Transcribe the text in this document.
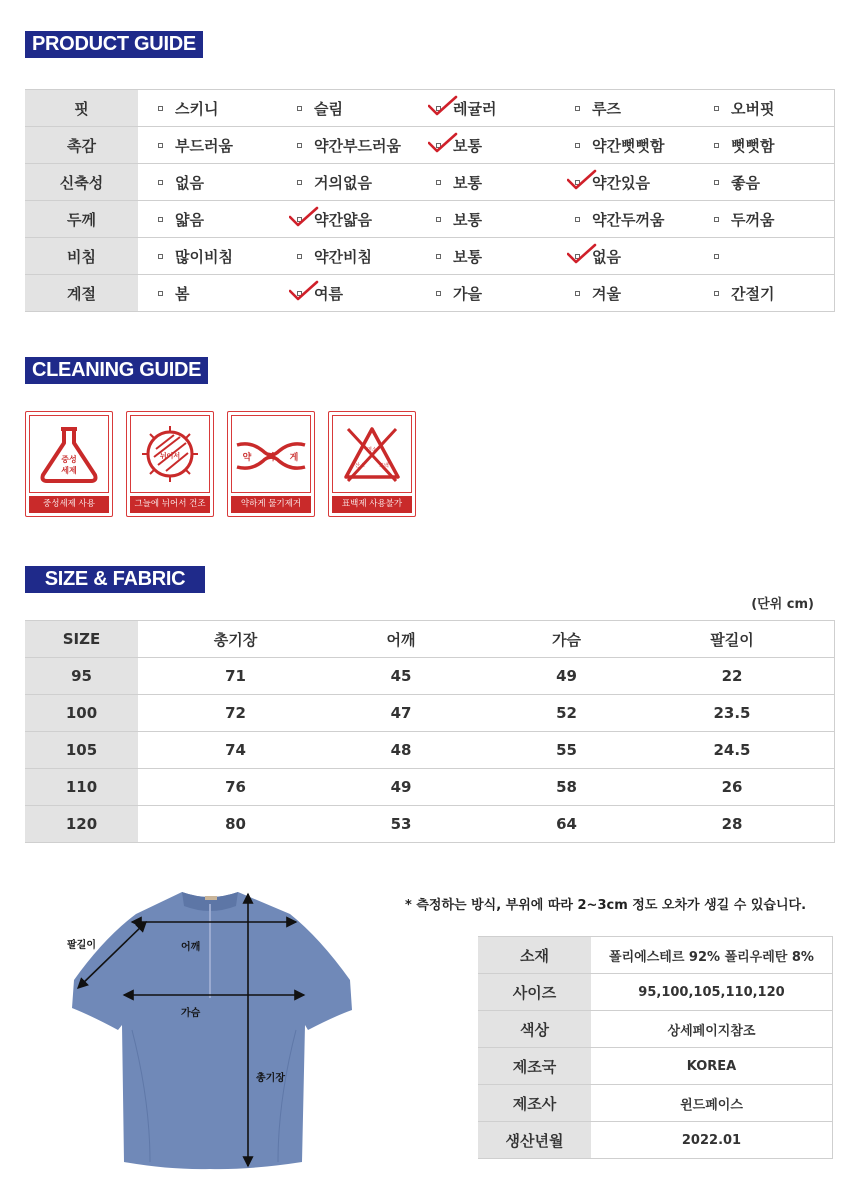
PRODUCT GUIDE
핏	스키니	슬림	레귤러	루즈	오버핏
촉감	부드러움	약간부드러움	보통	약간뻣뻣함	뻣뻣함
신축성	없음	거의없음	보통	약간있음	좋음
두께	얇음	약간얇음	보통	약간두꺼움	두꺼움
비침	많이비침	약간비침	보통	없음
계절	봄	여름	가을	겨울	간절기
CLEANING GUIDE
중성
세제
중성세제 사용
뉘어서
그늘에 뉘어서 건조
약 하 게
약하게 물기제거
염소
산소	표백
표백제 사용불가
SIZE & FABRIC
(단위 cm)
SIZE	총기장	어깨	가슴	팔길이
95	71	45	49	22
100	72	47	52	23.5
105	74	48	55	24.5
110	76	49	58	26
120	80	53	64	28
팔길이	어깨
가슴
총기장
* 측정하는 방식, 부위에 따라 2~3cm 정도 오차가 생길 수 있습니다.
소재	폴리에스테르 92% 폴리우레탄 8%
사이즈	95,100,105,110,120
색상	상세페이지참조
제조국	KOREA
제조사	윈드페이스
생산년월	2022.01
